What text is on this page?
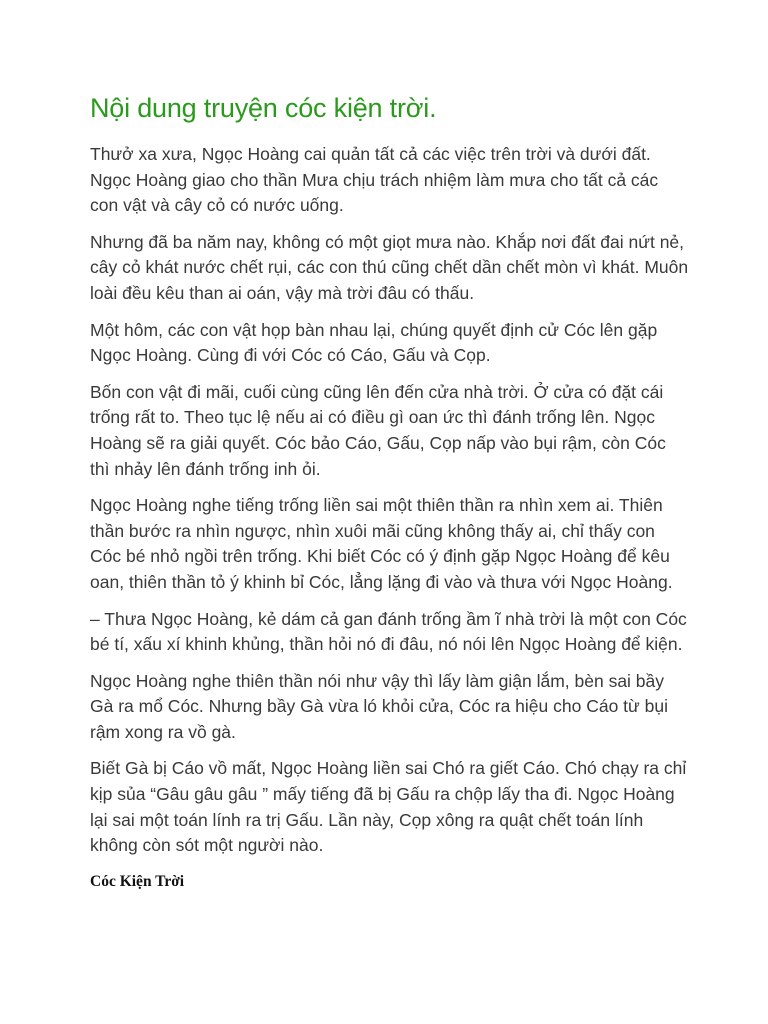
Nội dung truyện cóc kiện trời.

Thưở xa xưa, Ngọc Hoàng cai quản tất cả các việc trên trời và dưới đất. Ngọc Hoàng giao cho thần Mưa chịu trách nhiệm làm mưa cho tất cả các con vật và cây cỏ có nước uống.

Nhưng đã ba năm nay, không có một giọt mưa nào. Khắp nơi đất đai nứt nẻ, cây cỏ khát nước chết rụi, các con thú cũng chết dần chết mòn vì khát. Muôn loài đều kêu than ai oán, vậy mà trời đâu có thấu.

Một hôm, các con vật họp bàn nhau lại, chúng quyết định cử Cóc lên gặp Ngọc Hoàng. Cùng đi với Cóc có Cáo, Gấu và Cọp.

Bốn con vật đi mãi, cuối cùng cũng lên đến cửa nhà trời. Ở cửa có đặt cái trống rất to. Theo tục lệ nếu ai có điều gì oan ức thì đánh trống lên. Ngọc Hoàng sẽ ra giải quyết. Cóc bảo Cáo, Gấu, Cọp nấp vào bụi rậm, còn Cóc thì nhảy lên đánh trống inh ỏi.

Ngọc Hoàng nghe tiếng trống liền sai một thiên thần ra nhìn xem ai. Thiên thần bước ra nhìn ngược, nhìn xuôi mãi cũng không thấy ai, chỉ thấy con Cóc bé nhỏ ngồi trên trống. Khi biết Cóc có ý định gặp Ngọc Hoàng để kêu oan, thiên thần tỏ ý khinh bỉ Cóc, lẳng lặng đi vào và thưa với Ngọc Hoàng.

– Thưa Ngọc Hoàng, kẻ dám cả gan đánh trống ầm ĩ nhà trời là một con Cóc bé tí, xấu xí khinh khủng, thần hỏi nó đi đâu, nó nói lên Ngọc Hoàng để kiện.

Ngọc Hoàng nghe thiên thần nói như vậy thì lấy làm giận lắm, bèn sai bầy Gà ra mổ Cóc. Nhưng bầy Gà vừa ló khỏi cửa, Cóc ra hiệu cho Cáo từ bụi rậm xong ra vồ gà.

Biết Gà bị Cáo vồ mất, Ngọc Hoàng liền sai Chó ra giết Cáo. Chó chạy ra chỉ kịp sủa “Gâu gâu gâu ” mấy tiếng đã bị Gấu ra chộp lấy tha đi. Ngọc Hoàng lại sai một toán lính ra trị Gấu. Lần này, Cọp xông ra quật chết toán lính không còn sót một người nào.

Cóc Kiện Trời
